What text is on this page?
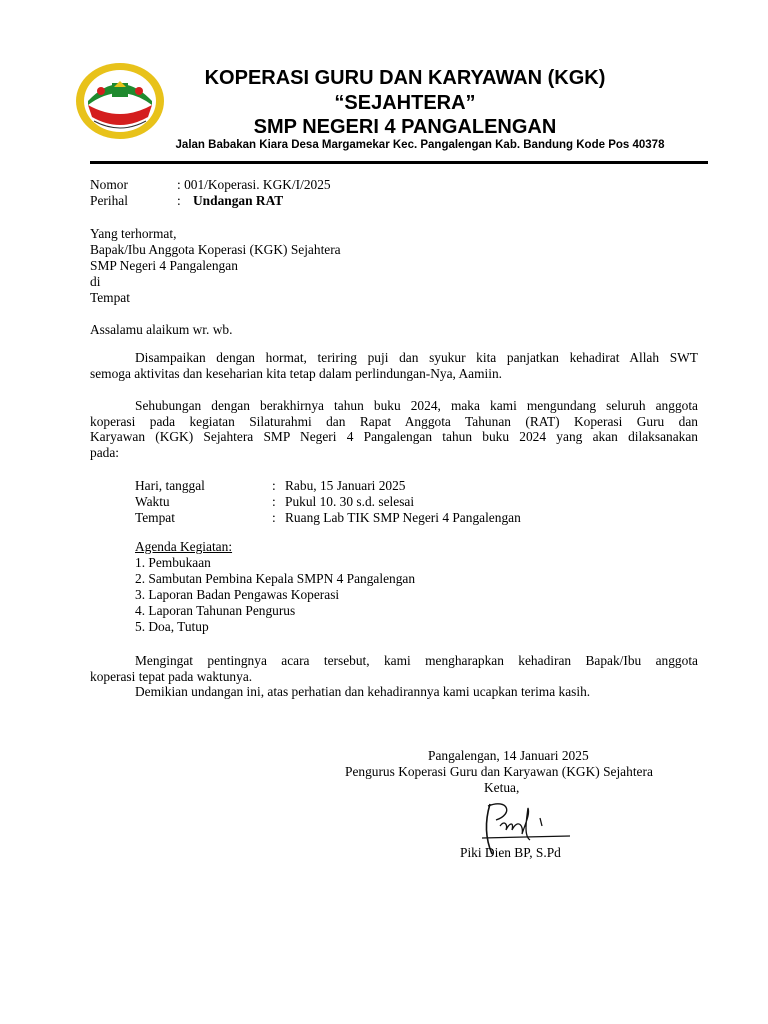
KOPERASI GURU DAN KARYAWAN (KGK)
“SEJAHTERA”
SMP NEGERI 4 PANGALENGAN
Jalan Babakan Kiara Desa Margamekar Kec. Pangalengan Kab. Bandung Kode Pos 40378
Nomor	: 001/Koperasi. KGK/I/2025
Perihal	: Undangan RAT
Yang terhormat,
Bapak/Ibu Anggota Koperasi (KGK) Sejahtera
SMP Negeri 4 Pangalengan
di
Tempat
Assalamu alaikum wr. wb.
Disampaikan dengan hormat, teriring puji dan syukur kita panjatkan kehadirat Allah SWT
semoga aktivitas dan keseharian kita tetap dalam perlindungan-Nya, Aamiin.
Sehubungan dengan berakhirnya tahun buku 2024, maka kami mengundang seluruh anggota
koperasi pada kegiatan Silaturahmi dan Rapat Anggota Tahunan (RAT) Koperasi Guru dan
Karyawan (KGK) Sejahtera SMP Negeri 4 Pangalengan tahun buku 2024 yang akan dilaksanakan
pada:
Hari, tanggal	: Rabu, 15 Januari 2025
Waktu	: Pukul 10. 30 s.d. selesai
Tempat	: Ruang Lab TIK SMP Negeri 4 Pangalengan
Agenda Kegiatan:
1. Pembukaan
2. Sambutan Pembina Kepala SMPN 4 Pangalengan
3. Laporan Badan Pengawas Koperasi
4. Laporan Tahunan Pengurus
5. Doa, Tutup
Mengingat pentingnya acara tersebut, kami mengharapkan kehadiran Bapak/Ibu anggota
koperasi tepat pada waktunya.
Demikian undangan ini, atas perhatian dan kehadirannya kami ucapkan terima kasih.
Pangalengan, 14 Januari 2025
Pengurus Koperasi Guru dan Karyawan (KGK) Sejahtera
Ketua,
Piki Dien BP, S.Pd
